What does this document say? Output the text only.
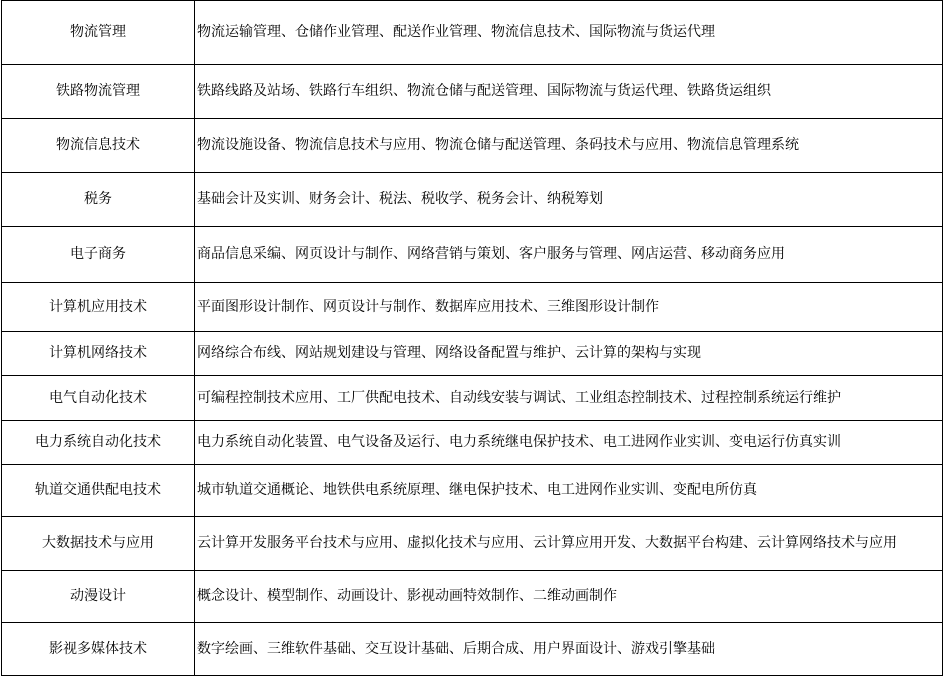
物流管理	物流运输管理、仓储作业管理、配送作业管理、物流信息技术、国际物流与货运代理
铁路物流管理	铁路线路及站场、铁路行车组织、物流仓储与配送管理、国际物流与货运代理、铁路货运组织
物流信息技术	物流设施设备、物流信息技术与应用、物流仓储与配送管理、条码技术与应用、物流信息管理系统
税务	基础会计及实训、财务会计、税法、税收学、税务会计、纳税筹划
电子商务	商品信息采编、网页设计与制作、网络营销与策划、客户服务与管理、网店运营、移动商务应用
计算机应用技术	平面图形设计制作、网页设计与制作、数据库应用技术、三维图形设计制作
计算机网络技术	网络综合布线、网站规划建设与管理、网络设备配置与维护、云计算的架构与实现
电气自动化技术	可编程控制技术应用、工厂供配电技术、自动线安装与调试、工业组态控制技术、过程控制系统运行维护
电力系统自动化技术	电力系统自动化装置、电气设备及运行、电力系统继电保护技术、电工进网作业实训、变电运行仿真实训
轨道交通供配电技术	城市轨道交通概论、地铁供电系统原理、继电保护技术、电工进网作业实训、变配电所仿真
大数据技术与应用	云计算开发服务平台技术与应用、虚拟化技术与应用、云计算应用开发、大数据平台构建、云计算网络技术与应用
动漫设计	概念设计、模型制作、动画设计、影视动画特效制作、二维动画制作
影视多媒体技术	数字绘画、三维软件基础、交互设计基础、后期合成、用户界面设计、游戏引擎基础
